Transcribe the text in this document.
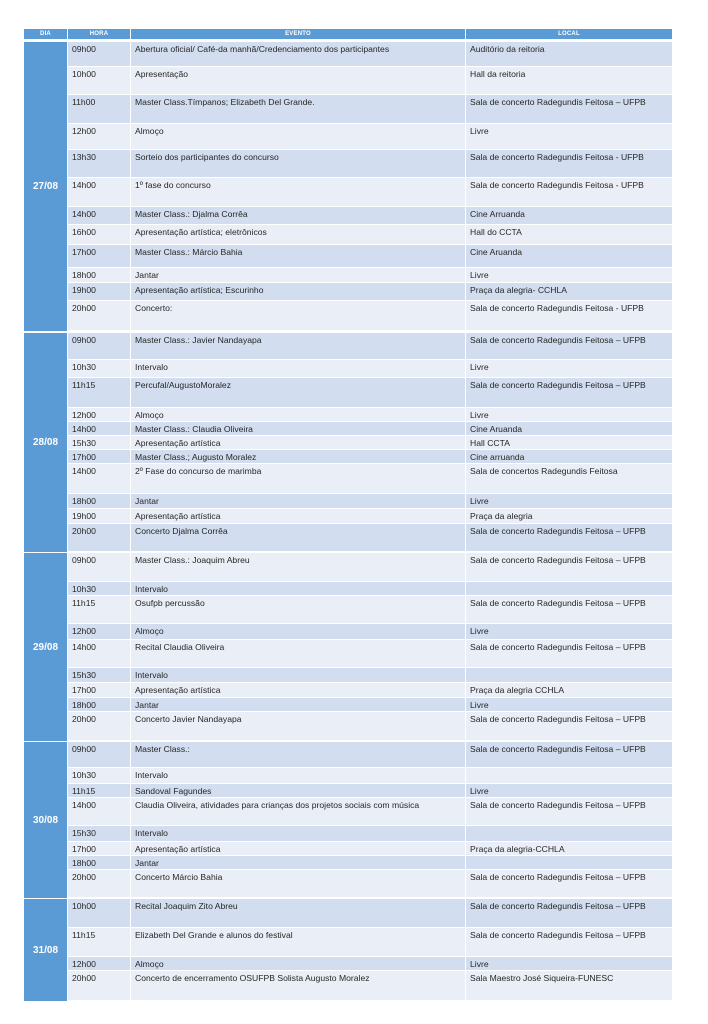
DIA	HORA	EVENTO	LOCAL
27/08
09h00	Abertura oficial/ Café-da manhã/Credenciamento dos participantes	Auditório da reitoria
10h00	Apresentação	Hall da reitoria
11h00	Master Class.Tímpanos; Elizabeth Del Grande.	Sala de concerto Radegundis Feitosa – UFPB
12h00	Almoço	Livre
13h30	Sorteio dos participantes do concurso	Sala de concerto Radegundis Feitosa - UFPB
14h00	1º fase do concurso	Sala de concerto Radegundis Feitosa - UFPB
14h00	Master Class.: Djalma Corrêa	Cine Arruanda
16h00	Apresentação artística; eletrônicos	Hall do CCTA
17h00	Master Class.: Márcio Bahia	Cine Aruanda
18h00	Jantar	Livre
19h00	Apresentação artística; Escurinho	Praça da alegria- CCHLA
20h00	Concerto:	Sala de concerto Radegundis Feitosa - UFPB
28/08
09h00	Master Class.: Javier Nandayapa	Sala de concerto Radegundis Feitosa – UFPB
10h30	Intervalo	Livre
11h15	Percufal/AugustoMoralez	Sala de concerto Radegundis Feitosa – UFPB
12h00	Almoço	Livre
14h00	Master Class.: Claudia Oliveira	Cine Aruanda
15h30	Apresentação artística	Hall CCTA
17h00	Master Class.; Augusto Moralez	Cine arruanda
14h00	2º Fase do concurso de marimba	Sala de concertos Radegundis Feitosa
18h00	Jantar	Livre
19h00	Apresentação artística	Praça da alegria
20h00	Concerto Djalma Corrêa	Sala de concerto Radegundis Feitosa – UFPB
29/08
09h00	Master Class.: Joaquim Abreu	Sala de concerto Radegundis Feitosa – UFPB
10h30	Intervalo
11h15	Osufpb percussão	Sala de concerto Radegundis Feitosa – UFPB
12h00	Almoço	Livre
14h00	Recital Claudia Oliveira	Sala de concerto Radegundis Feitosa – UFPB
15h30	Intervalo
17h00	Apresentação artística	Praça da alegria CCHLA
18h00	Jantar	Livre
20h00	Concerto Javier Nandayapa	Sala de concerto Radegundis Feitosa – UFPB
30/08
09h00	Master Class.:	Sala de concerto Radegundis Feitosa – UFPB
10h30	Intervalo
11h15	Sandoval Fagundes	Livre
14h00	Claudia Oliveira, atividades para crianças dos projetos sociais com música	Sala de concerto Radegundis Feitosa – UFPB
15h30	Intervalo
17h00	Apresentação artística	Praça da alegria-CCHLA
18h00	Jantar
20h00	Concerto Márcio Bahia	Sala de concerto Radegundis Feitosa – UFPB
31/08
10h00	Recital Joaquim Zito Abreu	Sala de concerto Radegundis Feitosa – UFPB
11h15	Elizabeth Del Grande e alunos do festival	Sala de concerto Radegundis Feitosa – UFPB
12h00	Almoço	Livre
20h00	Concerto de encerramento OSUFPB Solista Augusto Moralez	Sala Maestro José Siqueira-FUNESC
